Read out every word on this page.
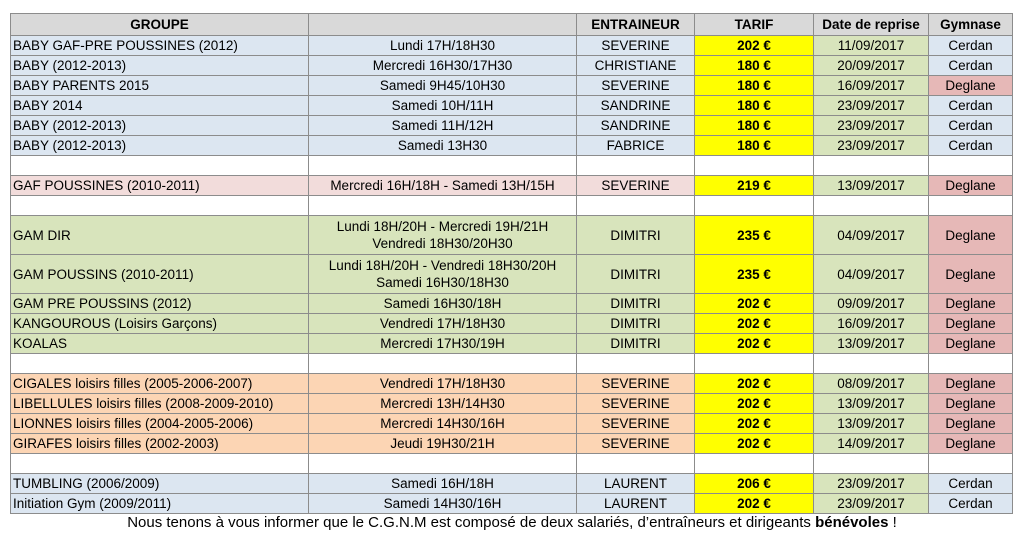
GROUPE		ENTRAINEUR	TARIF	Date de reprise	Gymnase
BABY GAF-PRE POUSSINES (2012)	Lundi 17H/18H30	SEVERINE	202 €	11/09/2017	Cerdan
BABY (2012-2013)	Mercredi 16H30/17H30	CHRISTIANE	180 €	20/09/2017	Cerdan
BABY PARENTS 2015	Samedi 9H45/10H30	SEVERINE	180 €	16/09/2017	Deglane
BABY 2014	Samedi 10H/11H	SANDRINE	180 €	23/09/2017	Cerdan
BABY (2012-2013)	Samedi 11H/12H	SANDRINE	180 €	23/09/2017	Cerdan
BABY (2012-2013)	Samedi 13H30	FABRICE	180 €	23/09/2017	Cerdan

GAF POUSSINES (2010-2011)	Mercredi 16H/18H - Samedi 13H/15H	SEVERINE	219 €	13/09/2017	Deglane

GAM DIR	Lundi 18H/20H - Mercredi 19H/21H Vendredi 18H30/20H30	DIMITRI	235 €	04/09/2017	Deglane
GAM POUSSINS (2010-2011)	Lundi 18H/20H - Vendredi 18H30/20H Samedi 16H30/18H30	DIMITRI	235 €	04/09/2017	Deglane
GAM PRE POUSSINS (2012)	Samedi 16H30/18H	DIMITRI	202 €	09/09/2017	Deglane
KANGOUROUS (Loisirs Garçons)	Vendredi 17H/18H30	DIMITRI	202 €	16/09/2017	Deglane
KOALAS	Mercredi 17H30/19H	DIMITRI	202 €	13/09/2017	Deglane

CIGALES loisirs filles (2005-2006-2007)	Vendredi 17H/18H30	SEVERINE	202 €	08/09/2017	Deglane
LIBELLULES loisirs filles (2008-2009-2010)	Mercredi 13H/14H30	SEVERINE	202 €	13/09/2017	Deglane
LIONNES loisirs filles (2004-2005-2006)	Mercredi 14H30/16H	SEVERINE	202 €	13/09/2017	Deglane
GIRAFES loisirs filles (2002-2003)	Jeudi 19H30/21H	SEVERINE	202 €	14/09/2017	Deglane

TUMBLING (2006/2009)	Samedi 16H/18H	LAURENT	206 €	23/09/2017	Cerdan
Initiation Gym (2009/2011)	Samedi 14H30/16H	LAURENT	202 €	23/09/2017	Cerdan
Nous tenons à vous informer que le C.G.N.M est composé de deux salariés, d’entraîneurs et dirigeants bénévoles !
